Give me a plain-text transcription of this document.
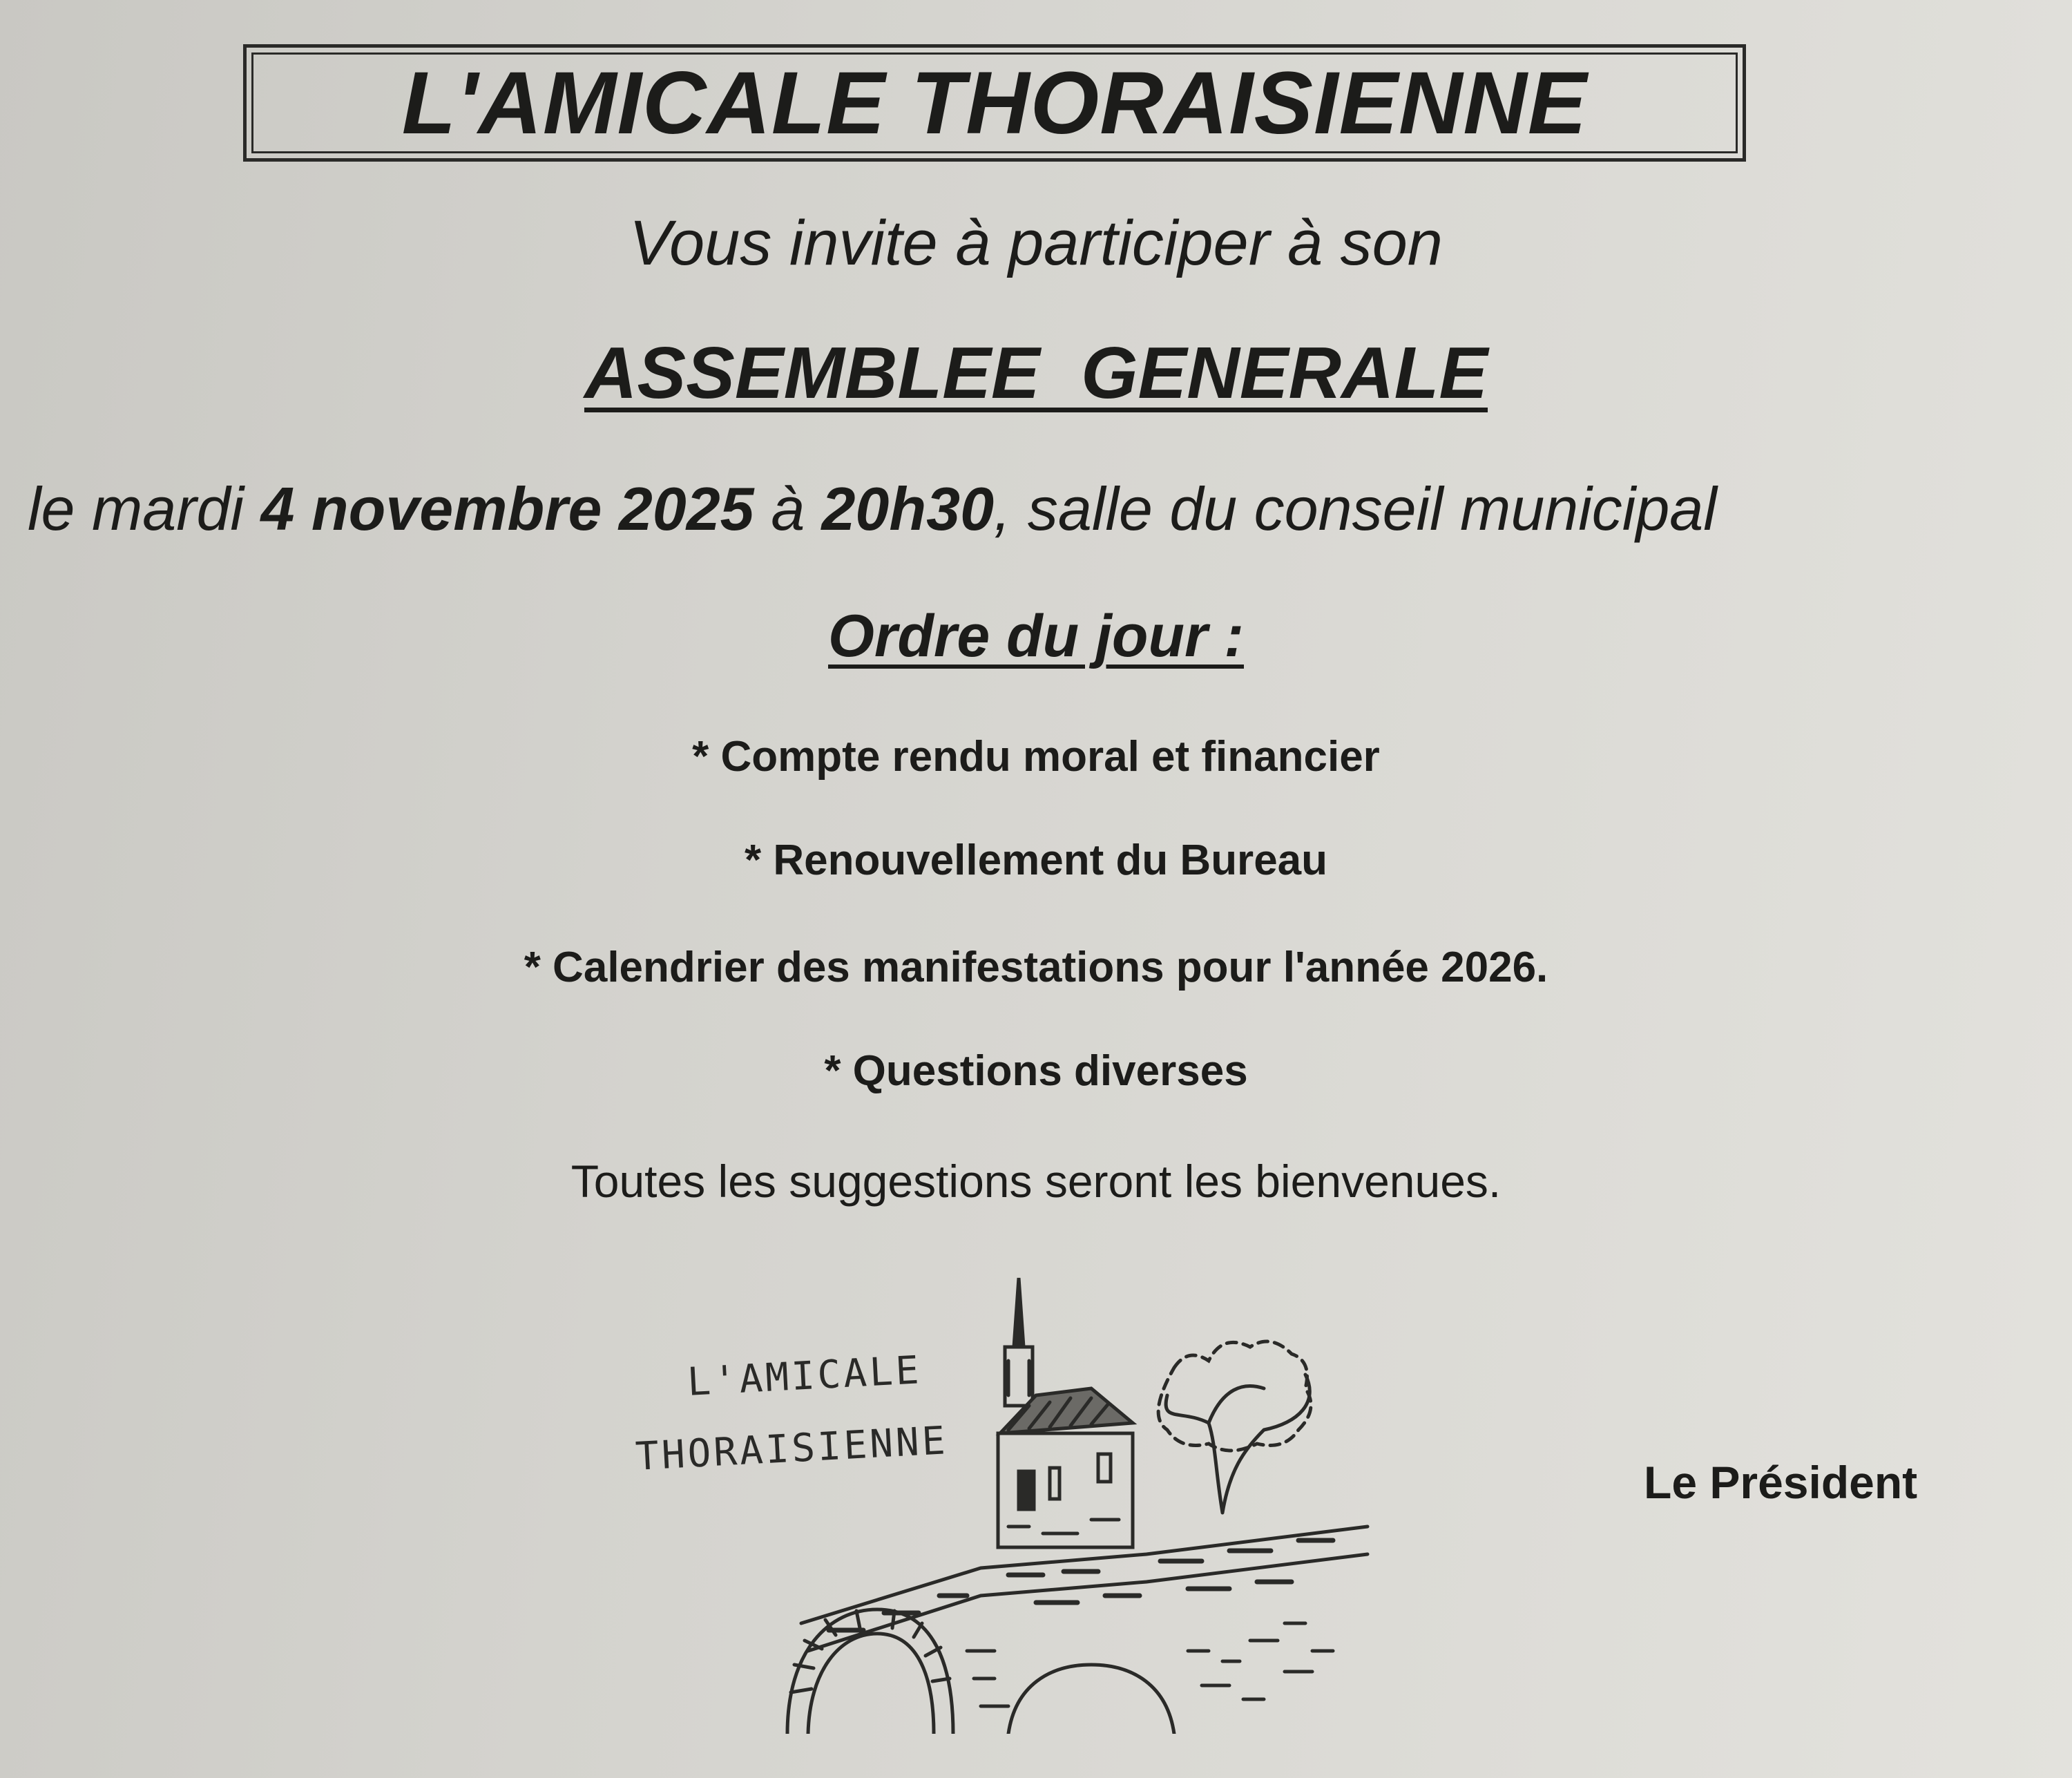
L'AMICALE THORAISIENNE
Vous invite à participer à son
ASSEMBLEE GENERALE
le mardi 4 novembre 2025 à 20h30, salle du conseil municipal
Ordre du jour :
* Compte rendu moral et financier
* Renouvellement du Bureau
* Calendrier des manifestations pour l'année 2026.
* Questions diverses
Toutes les suggestions seront les bienvenues.
L'AMICALE
THORAISIENNE
Le Président
